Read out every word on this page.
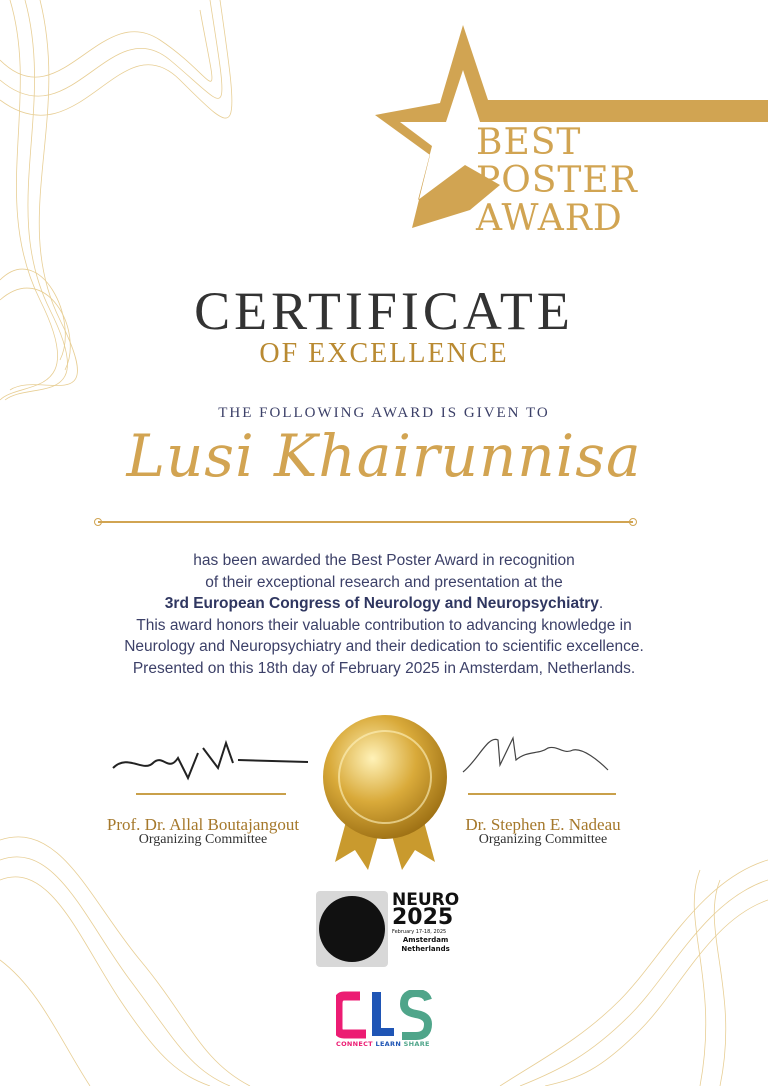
BEST
POSTER
AWARD
CERTIFICATE
OF EXCELLENCE
THE FOLLOWING AWARD IS GIVEN TO
Lusi Khairunnisa
has been awarded the Best Poster Award in recognition
of their exceptional research and presentation at the
3rd European Congress of Neurology and Neuropsychiatry.
This award honors their valuable contribution to advancing knowledge in
Neurology and Neuropsychiatry and their dedication to scientific excellence.
Presented on this 18th day of February 2025 in Amsterdam, Netherlands.
Prof. Dr. Allal Boutajangout
Organizing Committee
Dr. Stephen E. Nadeau
Organizing Committee
NEURO
2025
February 17-18, 2025
Amsterdam
Netherlands
CONNECT LEARN SHARE
